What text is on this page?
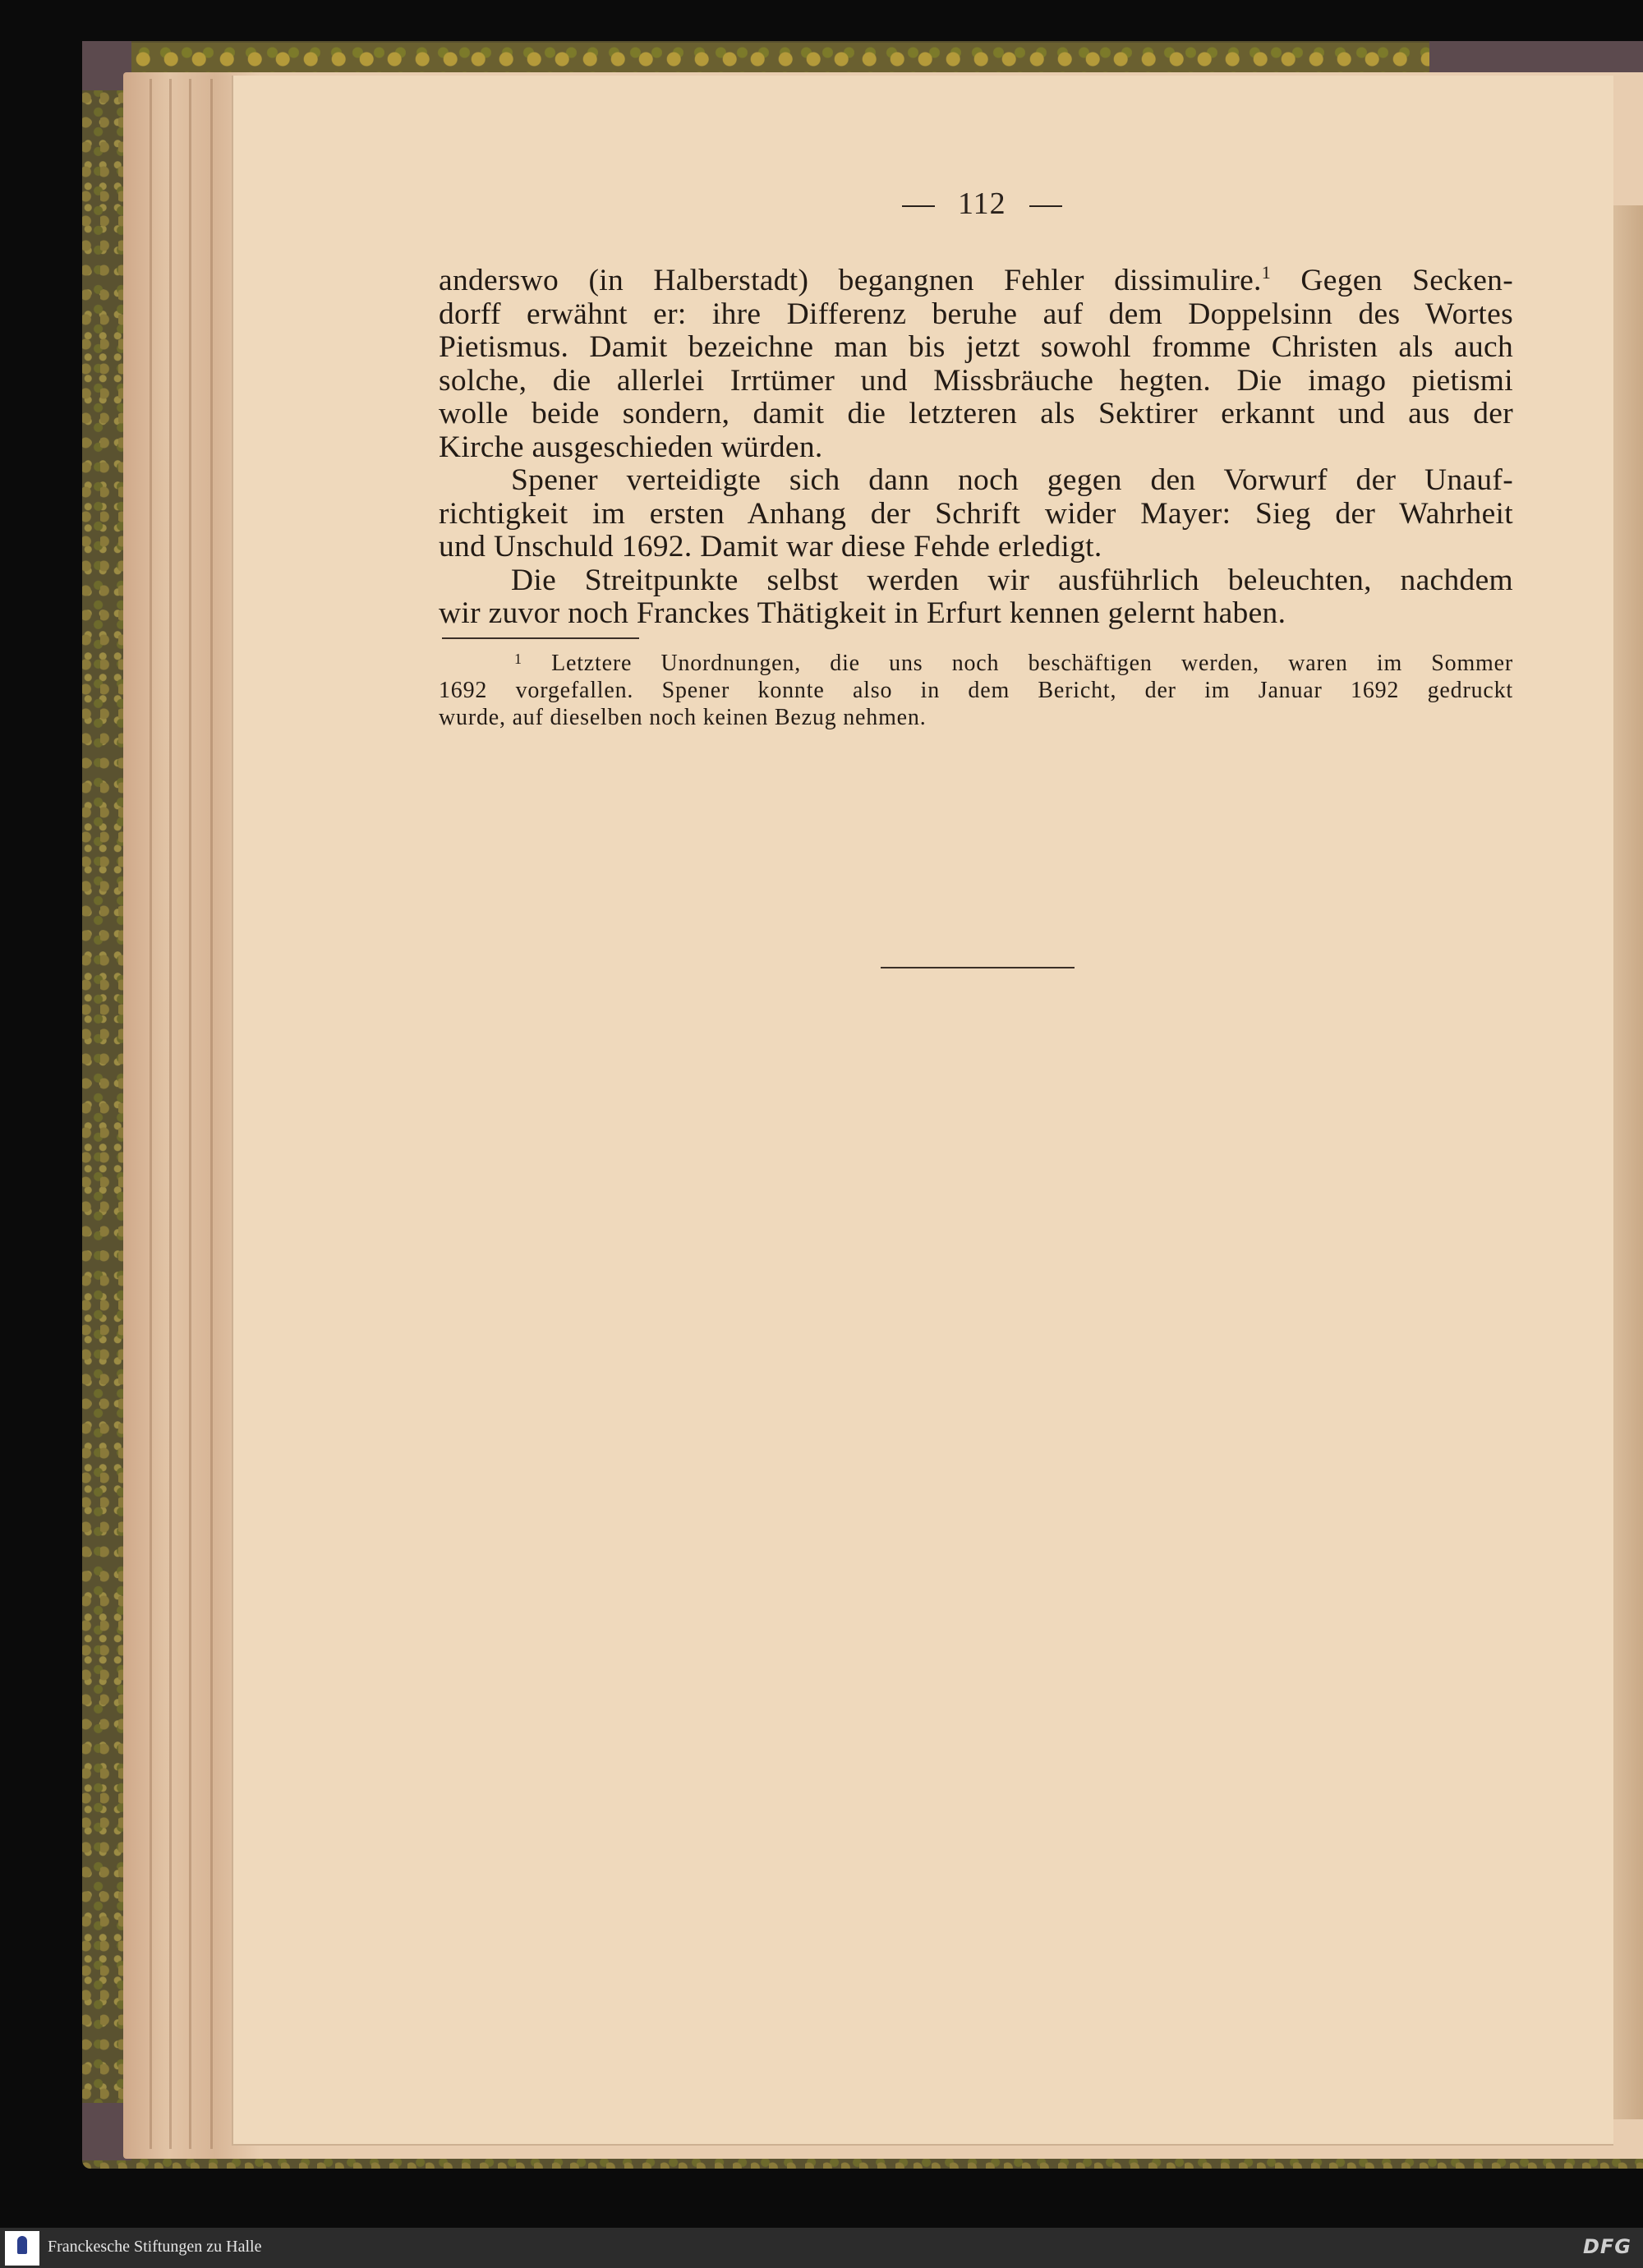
112

anderswo (in Halberstadt) begangnen Fehler dissimulire.$^1$ Gegen Secken-

dorff erwähnt er: ihre Differenz beruhe auf dem Doppelsinn des Wortes

Pietismus. Damit bezeichne man bis jetzt sowohl fromme Christen als auch

solche, die allerlei Irrtümer und Missbräuche hegten. Die imago pietismi

wolle beide sondern, damit die letzteren als Sektirer erkannt und aus der

Kirche ausgeschieden würden.

Spener verteidigte sich dann noch gegen den Vorwurf der Unauf-

richtigkeit im ersten Anhang der Schrift wider Mayer: Sieg der Wahrheit

und Unschuld 1692. Damit war diese Fehde erledigt.

Die Streitpunkte selbst werden wir ausführlich beleuchten, nachdem

wir zuvor noch Franckes Thätigkeit in Erfurt kennen gelernt haben.

$^1$ Letztere Unordnungen, die uns noch beschäftigen werden, waren im Sommer

1692 vorgefallen. Spener konnte also in dem Bericht, der im Januar 1692 gedruckt

wurde, auf dieselben noch keinen Bezug nehmen.

Franckesche Stiftungen zu Halle	DFG
